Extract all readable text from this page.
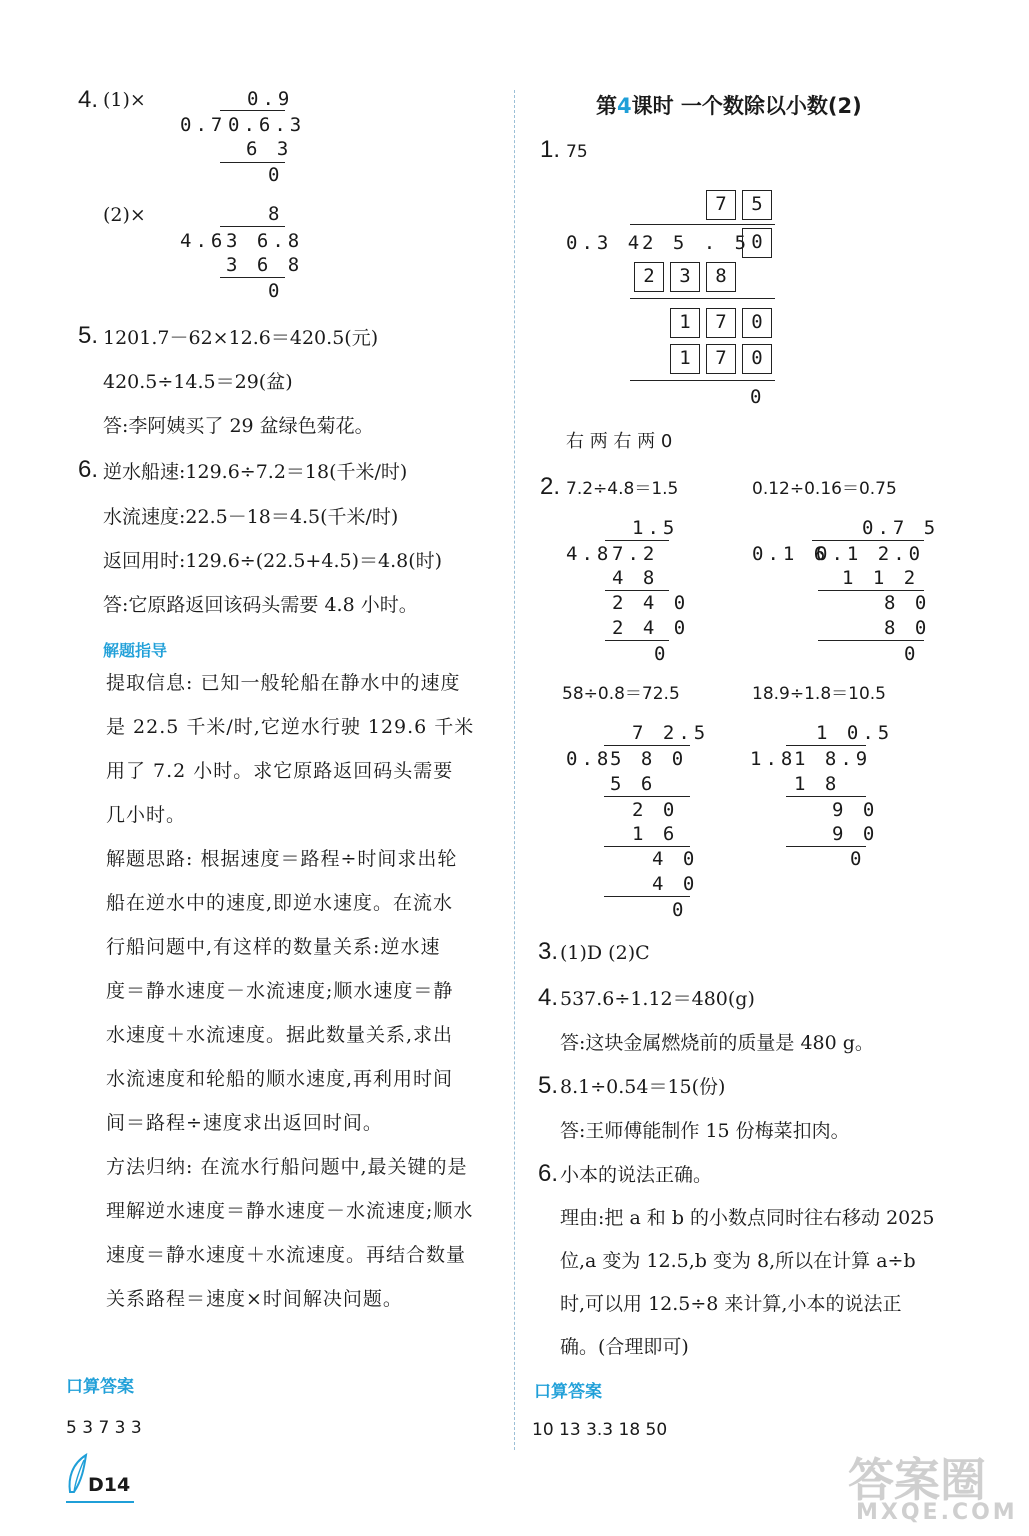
4. (1)×	0.9
0.7 0.6.3
6 3
0
(2)×	8
4.6 3 6.8
3 6 8
0
5. 1201.7－62×12.6＝420.5(元)
420.5÷14.5＝29(盆)
答:李阿姨买了 29 盆绿色菊花。
6. 逆水船速:129.6÷7.2＝18(千米/时)
水流速度:22.5－18＝4.5(千米/时)
返回用时:129.6÷(22.5+4.5)＝4.8(时)
答:它原路返回该码头需要 4.8 小时。
解题指导
提取信息: 已知一般轮船在静水中的速度
是 22.5 千米/时,它逆水行驶 129.6 千米
用了 7.2 小时。求它原路返回码头需要
几小时。
解题思路: 根据速度＝路程÷时间求出轮
船在逆水中的速度,即逆水速度。在流水
行船问题中,有这样的数量关系:逆水速
度＝静水速度－水流速度;顺水速度＝静
水速度＋水流速度。据此数量关系,求出
水流速度和轮船的顺水速度,再利用时间
间＝路程÷速度求出返回时间。
方法归纳: 在流水行船问题中,最关键的是
理解逆水速度＝静水速度－水流速度;顺水
速度＝静水速度＋水流速度。再结合数量
关系路程＝速度×时间解决问题。
口算答案
5 3 7 3 3
D14
第4课时 一个数除以小数(2)
1. 75
7	5
0.3 4
2 5 . 5 0
2	3	8
1	7	0
1	7	0
0
右 两 右 两 0
2. 7.2÷4.8＝1.5	0.12÷0.16＝0.75
1.5
4.8 7.2
4 8
2 4 0
2 4 0
0
0.7 5
0.1 6
0.1 2.0
1 1 2
8 0
8 0
0
58÷0.8＝72.5	18.9÷1.8＝10.5
7 2.5
0.8
5 8 0
5 6
2 0
1 6
4 0
4 0
0
1 0.5
1.8
1 8.9
1 8
9 0
9 0
0
3. (1)D (2)C
4. 537.6÷1.12＝480(g)
答:这块金属燃烧前的质量是 480 g。
5. 8.1÷0.54＝15(份)
答:王师傅能制作 15 份梅菜扣肉。
6. 小本的说法正确。
理由:把 a 和 b 的小数点同时往右移动 2025
位,a 变为 12.5,b 变为 8,所以在计算 a÷b
时,可以用 12.5÷8 来计算,小本的说法正
确。(合理即可)
口算答案
10 13 3.3 18 50
答案圈
MXQE.COM
